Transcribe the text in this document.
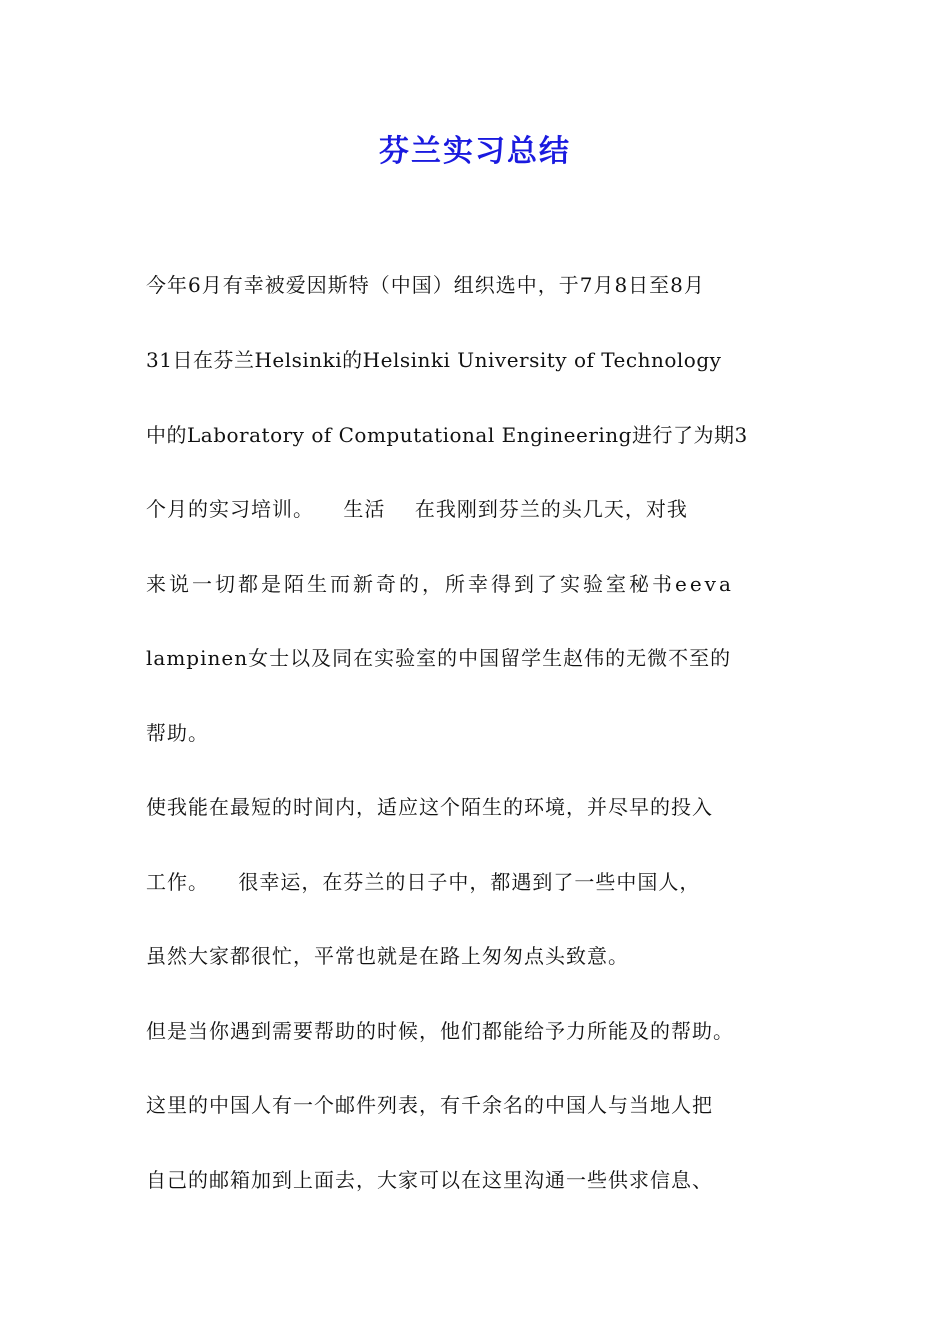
芬兰实习总结
今年6月有幸被爱因斯特（中国）组织选中，于7月8日至8月
31日在芬兰Helsinki的Helsinki University of Technology
中的Laboratory of Computational Engineering进行了为期3
个月的实习培训。    生活    在我刚到芬兰的头几天，对我
来说一切都是陌生而新奇的，所幸得到了实验室秘书eeva
lampinen女士以及同在实验室的中国留学生赵伟的无微不至的
帮助。
使我能在最短的时间内，适应这个陌生的环境，并尽早的投入
工作。    很幸运，在芬兰的日子中，都遇到了一些中国人，
虽然大家都很忙，平常也就是在路上匆匆点头致意。
但是当你遇到需要帮助的时候，他们都能给予力所能及的帮助。
这里的中国人有一个邮件列表，有千余名的中国人与当地人把
自己的邮箱加到上面去，大家可以在这里沟通一些供求信息、
